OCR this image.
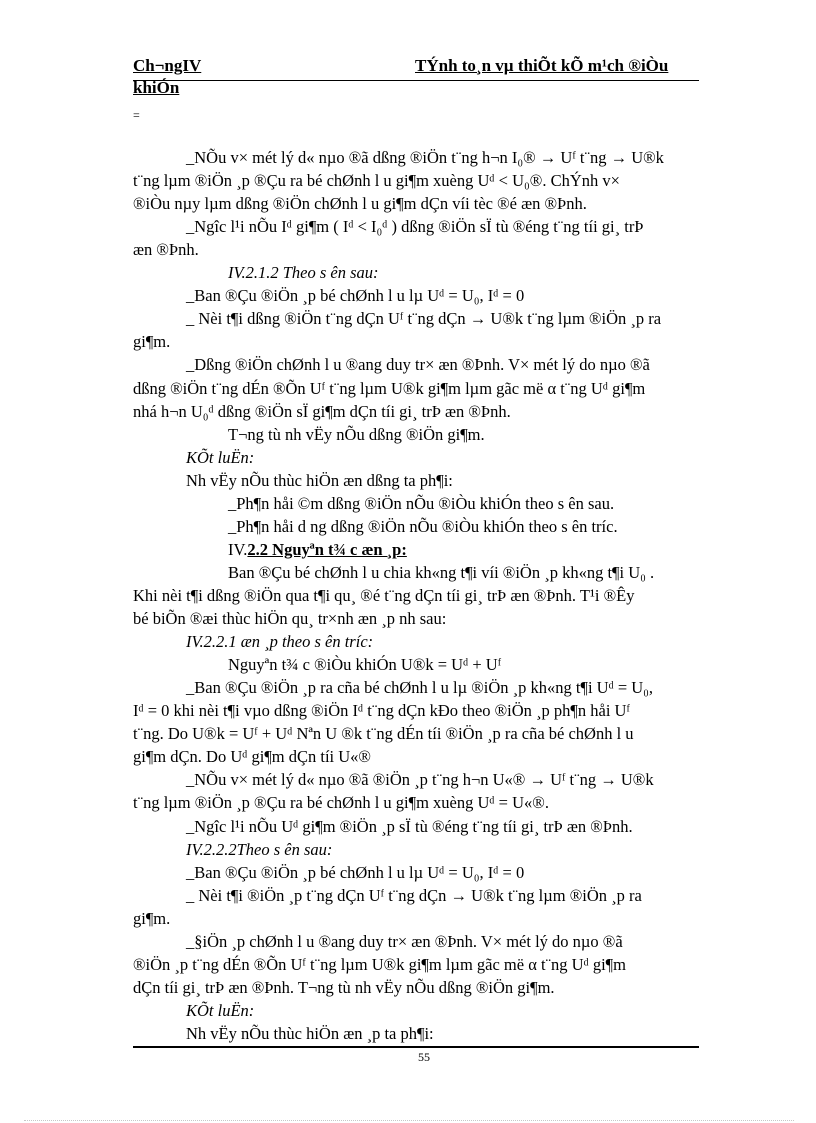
Ch¬ngIV	TÝnh to¸n vµ thiÕt kÕ m¹ch ®iÒu
khiÓn
=
_NÕu v× mét lý d« nµo ®ã dßng ®iÖn t¨ng h¬n I₀® → Uᶠ t¨ng → U®k
t¨ng lµm ®iÖn ¸p ®Çu ra bé chØnh l u gi¶m xuèng Uᵈ < U₀®. ChÝnh v×
®iÒu nµy lµm dßng ®iÖn chØnh l u gi¶m dÇn víi tèc ®é æn ®Þnh.
_Ngîc l¹i nÕu Iᵈ gi¶m ( Iᵈ < I₀ᵈ ) dßng ®iÖn sÏ tù ®éng t¨ng tíi gi¸ trÞ
æn ®Þnh.
IV.2.1.2 Theo s ên sau:
_Ban ®Çu ®iÖn ¸p bé chØnh l u lµ Uᵈ = U₀, Iᵈ = 0
_ Nèi t¶i dßng ®iÖn t¨ng dÇn Uᶠ t¨ng dÇn → U®k t¨ng lµm ®iÖn ¸p ra
gi¶m.
_Dßng ®iÖn chØnh l u ®ang duy tr× æn ®Þnh. V× mét lý do nµo ®ã
dßng ®iÖn t¨ng dÉn ®Õn Uᶠ t¨ng lµm U®k gi¶m lµm gãc më α t¨ng Uᵈ gi¶m
nhá h¬n U₀ᵈ dßng ®iÖn sÏ gi¶m dÇn tíi gi¸ trÞ æn ®Þnh.
T¬ng tù nh vËy nÕu dßng ®iÖn gi¶m.
KÕt luËn:
Nh vËy nÕu thùc hiÖn æn dßng ta ph¶i:
_Ph¶n håi ©m dßng ®iÖn nÕu ®iÒu khiÓn theo s ên sau.
_Ph¶n håi d ng dßng ®iÖn nÕu ®iÒu khiÓn theo s ên tríc.
IV.2.2 Nguyªn t¾ c æn ¸p:
Ban ®Çu bé chØnh l u chia kh«ng t¶i víi ®iÖn ¸p kh«ng t¶i U₀ .
Khi nèi t¶i dßng ®iÖn qua t¶i qu¸ ®é t¨ng dÇn tíi gi¸ trÞ æn ®Þnh. T¹i ®Êy
bé biÕn ®æi thùc hiÖn qu¸ tr×nh æn ¸p nh sau:
IV.2.2.1 æn ¸p theo s ên tríc:
Nguyªn t¾ c ®iÒu khiÓn U®k = Uᵈ + Uᶠ
_Ban ®Çu ®iÖn ¸p ra cña bé chØnh l u lµ ®iÖn ¸p kh«ng t¶i Uᵈ = U₀,
Iᵈ = 0 khi nèi t¶i vµo dßng ®iÖn Iᵈ t¨ng dÇn kÐo theo ®iÖn ¸p ph¶n håi Uᶠ
t¨ng. Do U®k = Uᶠ + Uᵈ Nªn U ®k t¨ng dÉn tíi ®iÖn ¸p ra cña bé chØnh l u
gi¶m dÇn. Do Uᵈ gi¶m dÇn tíi U«®
_NÕu v× mét lý d« nµo ®ã ®iÖn ¸p t¨ng h¬n U«® → Uᶠ t¨ng → U®k
t¨ng lµm ®iÖn ¸p ®Çu ra bé chØnh l u gi¶m xuèng Uᵈ = U«®.
_Ngîc l¹i nÕu Uᵈ gi¶m ®iÖn ¸p sÏ tù ®éng t¨ng tíi gi¸ trÞ æn ®Þnh.
IV.2.2.2Theo s ên sau:
_Ban ®Çu ®iÖn ¸p bé chØnh l u lµ Uᵈ = U₀, Iᵈ = 0
_ Nèi t¶i ®iÖn ¸p t¨ng dÇn Uᶠ t¨ng dÇn → U®k t¨ng lµm ®iÖn ¸p ra
gi¶m.
_§iÖn ¸p chØnh l u ®ang duy tr× æn ®Þnh. V× mét lý do nµo ®ã
®iÖn ¸p t¨ng dÉn ®Õn Uᶠ t¨ng lµm U®k gi¶m lµm gãc më α t¨ng Uᵈ gi¶m
dÇn tíi gi¸ trÞ æn ®Þnh. T¬ng tù nh vËy nÕu dßng ®iÖn gi¶m.
KÕt luËn:
Nh vËy nÕu thùc hiÖn æn ¸p ta ph¶i:
55
